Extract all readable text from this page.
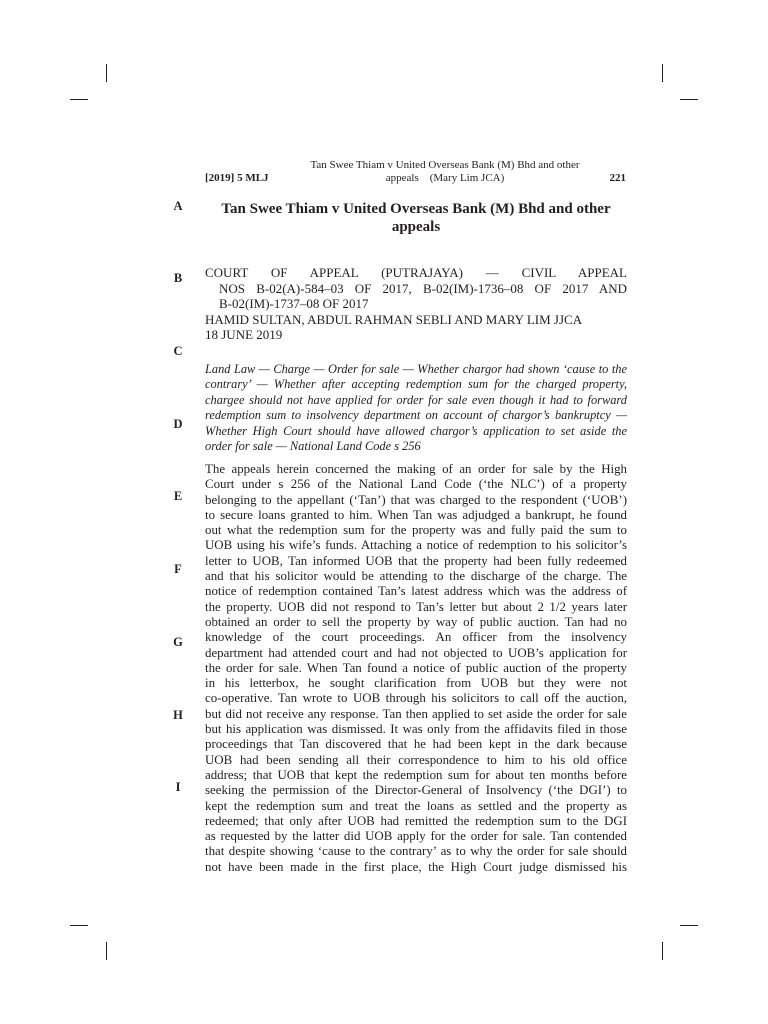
[2019] 5 MLJ
Tan Swee Thiam v United Overseas Bank (M) Bhd and other
appeals (Mary Lim JCA)	221
A
B
C
D
E
F
G
H
I
Tan Swee Thiam v United Overseas Bank (M) Bhd and other appeals
COURT OF APPEAL (PUTRAJAYA) — CIVIL APPEAL
NOS B-02(A)-584–03 OF 2017, B-02(IM)-1736–08 OF 2017 AND
B-02(IM)-1737–08 OF 2017
HAMID SULTAN, ABDUL RAHMAN SEBLI AND MARY LIM JJCA
18 JUNE 2019
Land Law — Charge — Order for sale — Whether chargor had shown ‘cause to the contrary’ — Whether after accepting redemption sum for the charged property, chargee should not have applied for order for sale even though it had to forward redemption sum to insolvency department on account of chargor’s bankruptcy — Whether High Court should have allowed chargor’s application to set aside the order for sale — National Land Code s 256
The appeals herein concerned the making of an order for sale by the High
Court under s 256 of the National Land Code (‘the NLC’) of a property
belonging to the appellant (‘Tan’) that was charged to the respondent (‘UOB’)
to secure loans granted to him. When Tan was adjudged a bankrupt, he found
out what the redemption sum for the property was and fully paid the sum to
UOB using his wife’s funds. Attaching a notice of redemption to his solicitor’s
letter to UOB, Tan informed UOB that the property had been fully redeemed
and that his solicitor would be attending to the discharge of the charge. The
notice of redemption contained Tan’s latest address which was the address of
the property. UOB did not respond to Tan’s letter but about 2 1/2 years later
obtained an order to sell the property by way of public auction. Tan had no
knowledge of the court proceedings. An officer from the insolvency
department had attended court and had not objected to UOB’s application for
the order for sale. When Tan found a notice of public auction of the property
in his letterbox, he sought clarification from UOB but they were not
co-operative. Tan wrote to UOB through his solicitors to call off the auction,
but did not receive any response. Tan then applied to set aside the order for sale
but his application was dismissed. It was only from the affidavits filed in those
proceedings that Tan discovered that he had been kept in the dark because
UOB had been sending all their correspondence to him to his old office
address; that UOB that kept the redemption sum for about ten months before
seeking the permission of the Director-General of Insolvency (‘the DGI’) to
kept the redemption sum and treat the loans as settled and the property as
redeemed; that only after UOB had remitted the redemption sum to the DGI
as requested by the latter did UOB apply for the order for sale. Tan contended
that despite showing ‘cause to the contrary’ as to why the order for sale should
not have been made in the first place, the High Court judge dismissed his
